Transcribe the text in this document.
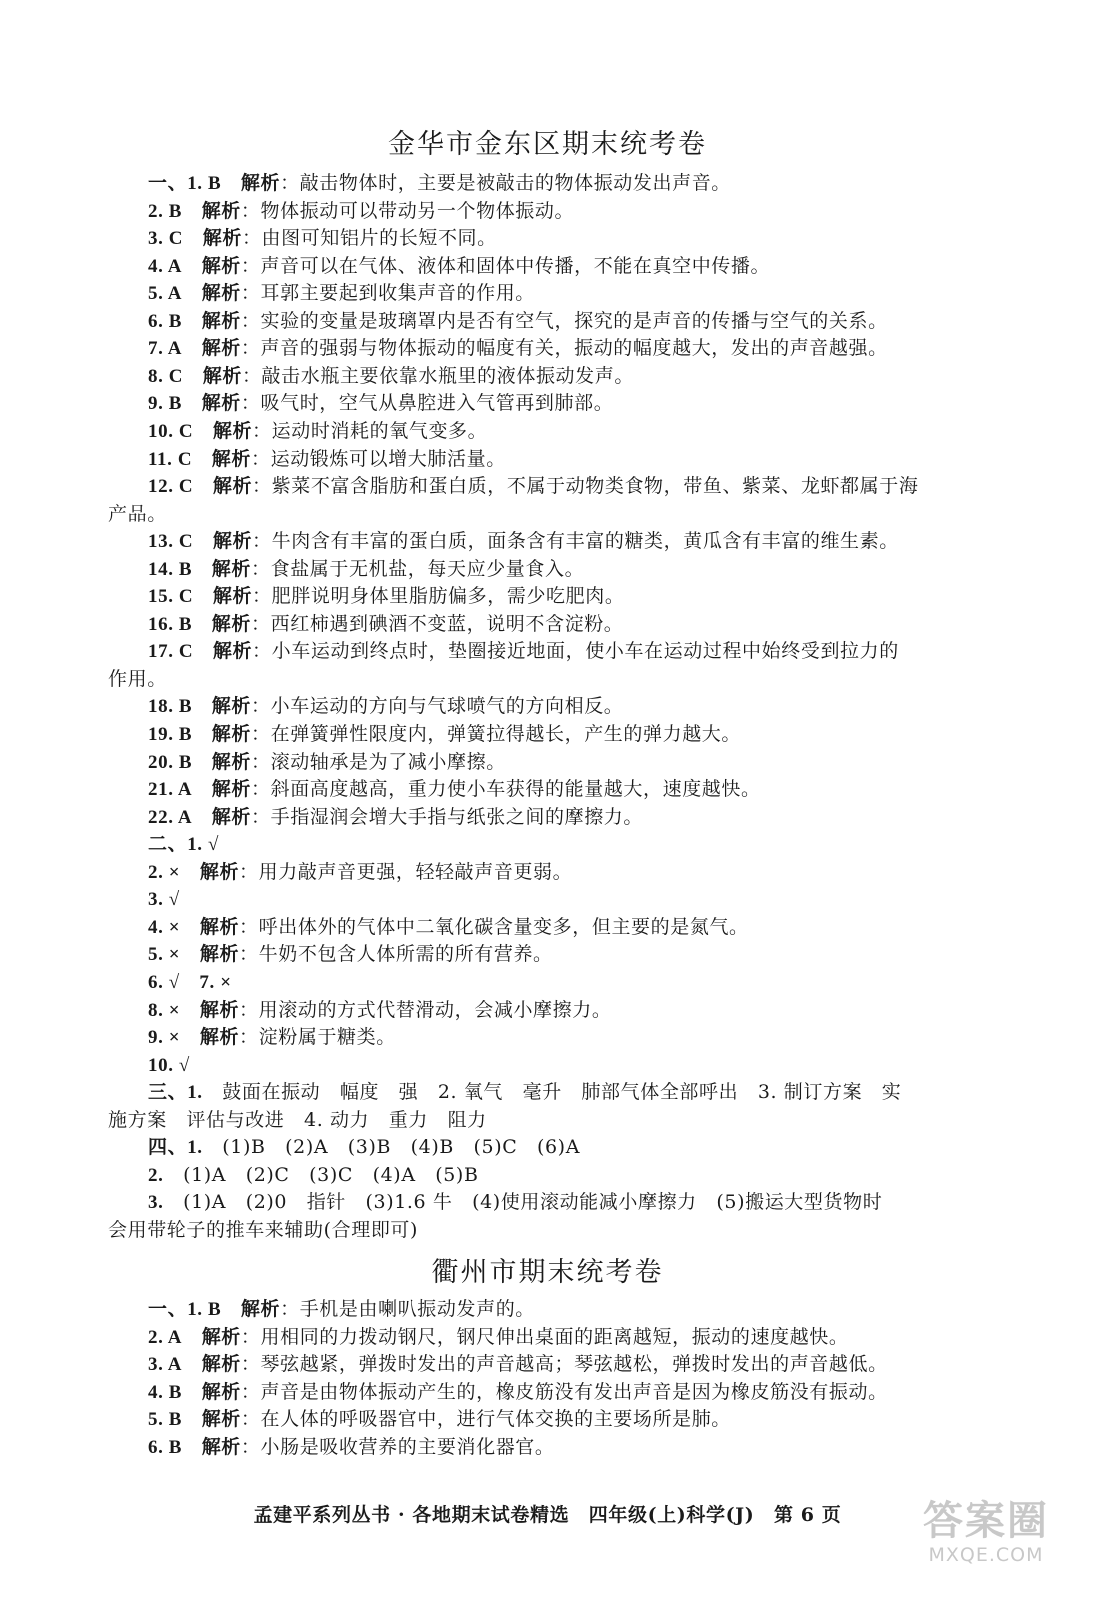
金华市金东区期末统考卷
一、1. B  解析：敲击物体时，主要是被敲击的物体振动发出声音。
2. B  解析：物体振动可以带动另一个物体振动。
3. C  解析：由图可知铝片的长短不同。
4. A  解析：声音可以在气体、液体和固体中传播，不能在真空中传播。
5. A  解析：耳郭主要起到收集声音的作用。
6. B  解析：实验的变量是玻璃罩内是否有空气，探究的是声音的传播与空气的关系。
7. A  解析：声音的强弱与物体振动的幅度有关，振动的幅度越大，发出的声音越强。
8. C  解析：敲击水瓶主要依靠水瓶里的液体振动发声。
9. B  解析：吸气时，空气从鼻腔进入气管再到肺部。
10. C  解析：运动时消耗的氧气变多。
11. C  解析：运动锻炼可以增大肺活量。
12. C  解析：紫菜不富含脂肪和蛋白质，不属于动物类食物，带鱼、紫菜、龙虾都属于海
产品。
13. C  解析：牛肉含有丰富的蛋白质，面条含有丰富的糖类，黄瓜含有丰富的维生素。
14. B  解析：食盐属于无机盐，每天应少量食入。
15. C  解析：肥胖说明身体里脂肪偏多，需少吃肥肉。
16. B  解析：西红柿遇到碘酒不变蓝，说明不含淀粉。
17. C  解析：小车运动到终点时，垫圈接近地面，使小车在运动过程中始终受到拉力的
作用。
18. B  解析：小车运动的方向与气球喷气的方向相反。
19. B  解析：在弹簧弹性限度内，弹簧拉得越长，产生的弹力越大。
20. B  解析：滚动轴承是为了减小摩擦。
21. A  解析：斜面高度越高，重力使小车获得的能量越大，速度越快。
22. A  解析：手指湿润会增大手指与纸张之间的摩擦力。
二、1. √ 
2. ×  解析：用力敲声音更强，轻轻敲声音更弱。
3. √ 
4. ×  解析：呼出体外的气体中二氧化碳含量变多，但主要的是氮气。
5. ×  解析：牛奶不包含人体所需的所有营养。
6. √　7. × 
8. ×  解析：用滚动的方式代替滑动，会减小摩擦力。
9. ×  解析：淀粉属于糖类。
10. √ 
三、1.  鼓面在振动　幅度　强　2. 氧气　毫升　肺部气体全部呼出　3. 制订方案　实
施方案　评估与改进　4. 动力　重力　阻力
四、1.  (1)B　(2)A　(3)B　(4)B　(5)C　(6)A
2.  (1)A　(2)C　(3)C　(4)A　(5)B
3.  (1)A　(2)0　指针　(3)1.6 牛　(4)使用滚动能减小摩擦力　(5)搬运大型货物时
会用带轮子的推车来辅助(合理即可)
衢州市期末统考卷
一、1. B  解析：手机是由喇叭振动发声的。
2. A  解析：用相同的力拨动钢尺，钢尺伸出桌面的距离越短，振动的速度越快。
3. A  解析：琴弦越紧，弹拨时发出的声音越高；琴弦越松，弹拨时发出的声音越低。
4. B  解析：声音是由物体振动产生的，橡皮筋没有发出声音是因为橡皮筋没有振动。
5. B  解析：在人体的呼吸器官中，进行气体交换的主要场所是肺。
6. B  解析：小肠是吸收营养的主要消化器官。
孟建平系列丛书 · 各地期末试卷精选　四年级(上)科学(J)　第 6 页	答案圈
MXQE.COM
